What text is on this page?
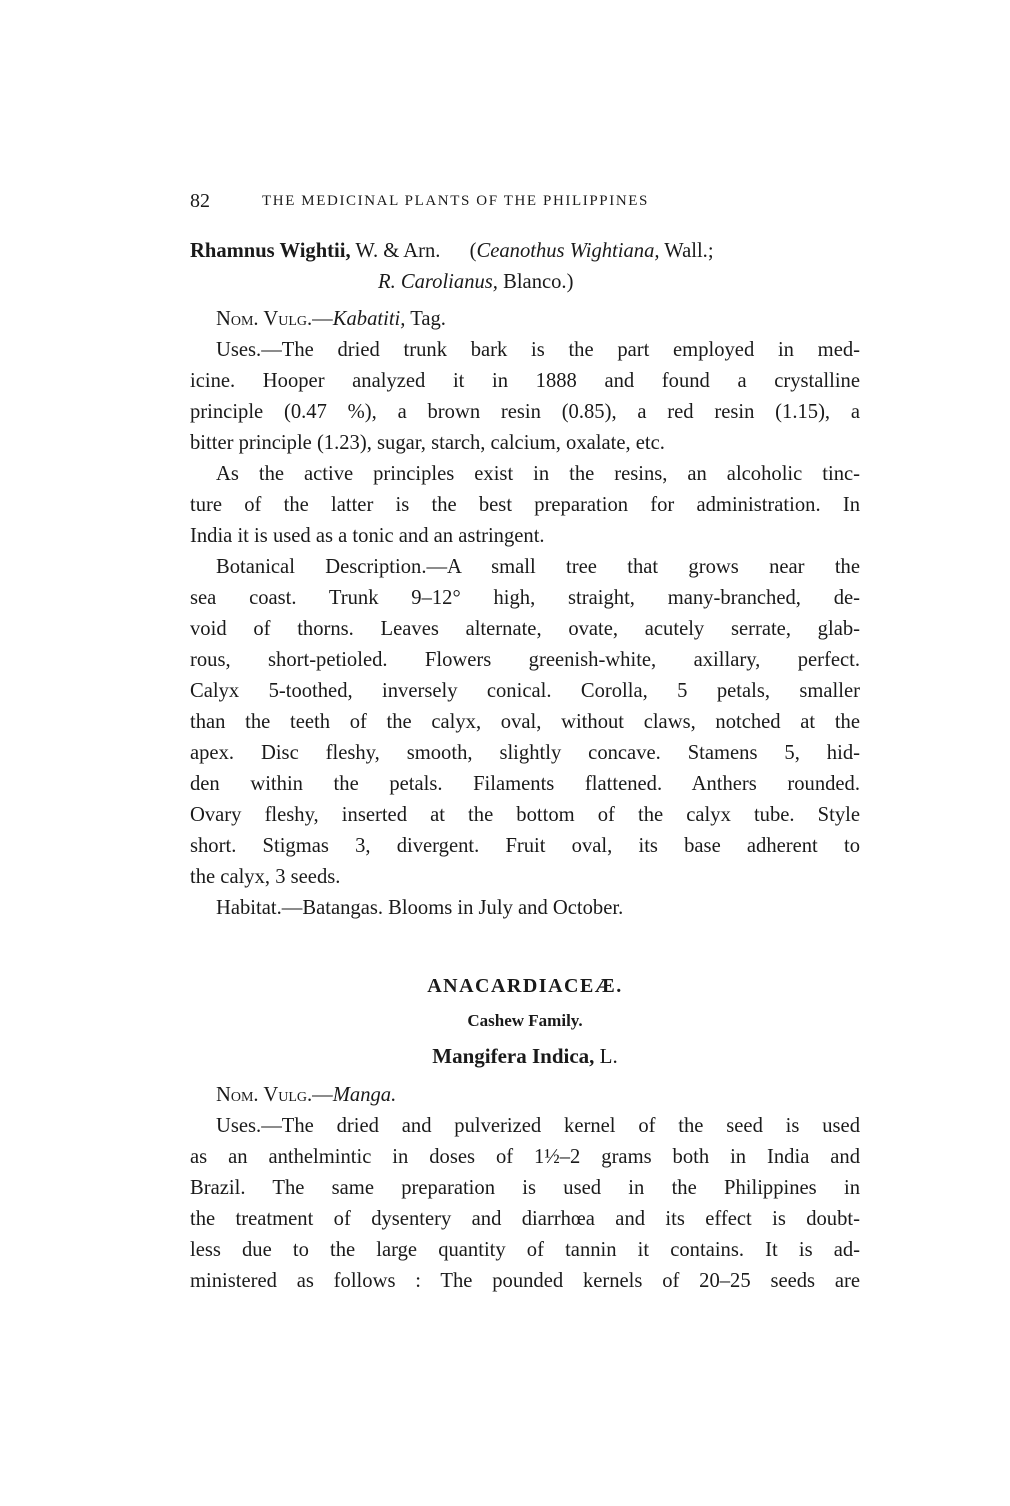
82	THE MEDICINAL PLANTS OF THE PHILIPPINES
Rhamnus Wightii, W. & Arn. (Ceanothus Wightiana, Wall.;
R. Carolianus, Blanco.)
Nom. Vulg.—Kabatiti, Tag.
Uses.—The dried trunk bark is the part employed in med-
icine. Hooper analyzed it in 1888 and found a crystalline
principle (0.47 %), a brown resin (0.85), a red resin (1.15), a
bitter principle (1.23), sugar, starch, calcium, oxalate, etc.
As the active principles exist in the resins, an alcoholic tinc-
ture of the latter is the best preparation for administration. In
India it is used as a tonic and an astringent.
Botanical Description.—A small tree that grows near the
sea coast. Trunk 9–12° high, straight, many-branched, de-
void of thorns. Leaves alternate, ovate, acutely serrate, glab-
rous, short-petioled. Flowers greenish-white, axillary, perfect.
Calyx 5-toothed, inversely conical. Corolla, 5 petals, smaller
than the teeth of the calyx, oval, without claws, notched at the
apex. Disc fleshy, smooth, slightly concave. Stamens 5, hid-
den within the petals. Filaments flattened. Anthers rounded.
Ovary fleshy, inserted at the bottom of the calyx tube. Style
short. Stigmas 3, divergent. Fruit oval, its base adherent to
the calyx, 3 seeds.
Habitat.—Batangas. Blooms in July and October.
ANACARDIACEÆ.
Cashew Family.
Mangifera Indica, L.
Nom. Vulg.—Manga.
Uses.—The dried and pulverized kernel of the seed is used
as an anthelmintic in doses of 1½–2 grams both in India and
Brazil. The same preparation is used in the Philippines in
the treatment of dysentery and diarrhœa and its effect is doubt-
less due to the large quantity of tannin it contains. It is ad-
ministered as follows : The pounded kernels of 20–25 seeds are
